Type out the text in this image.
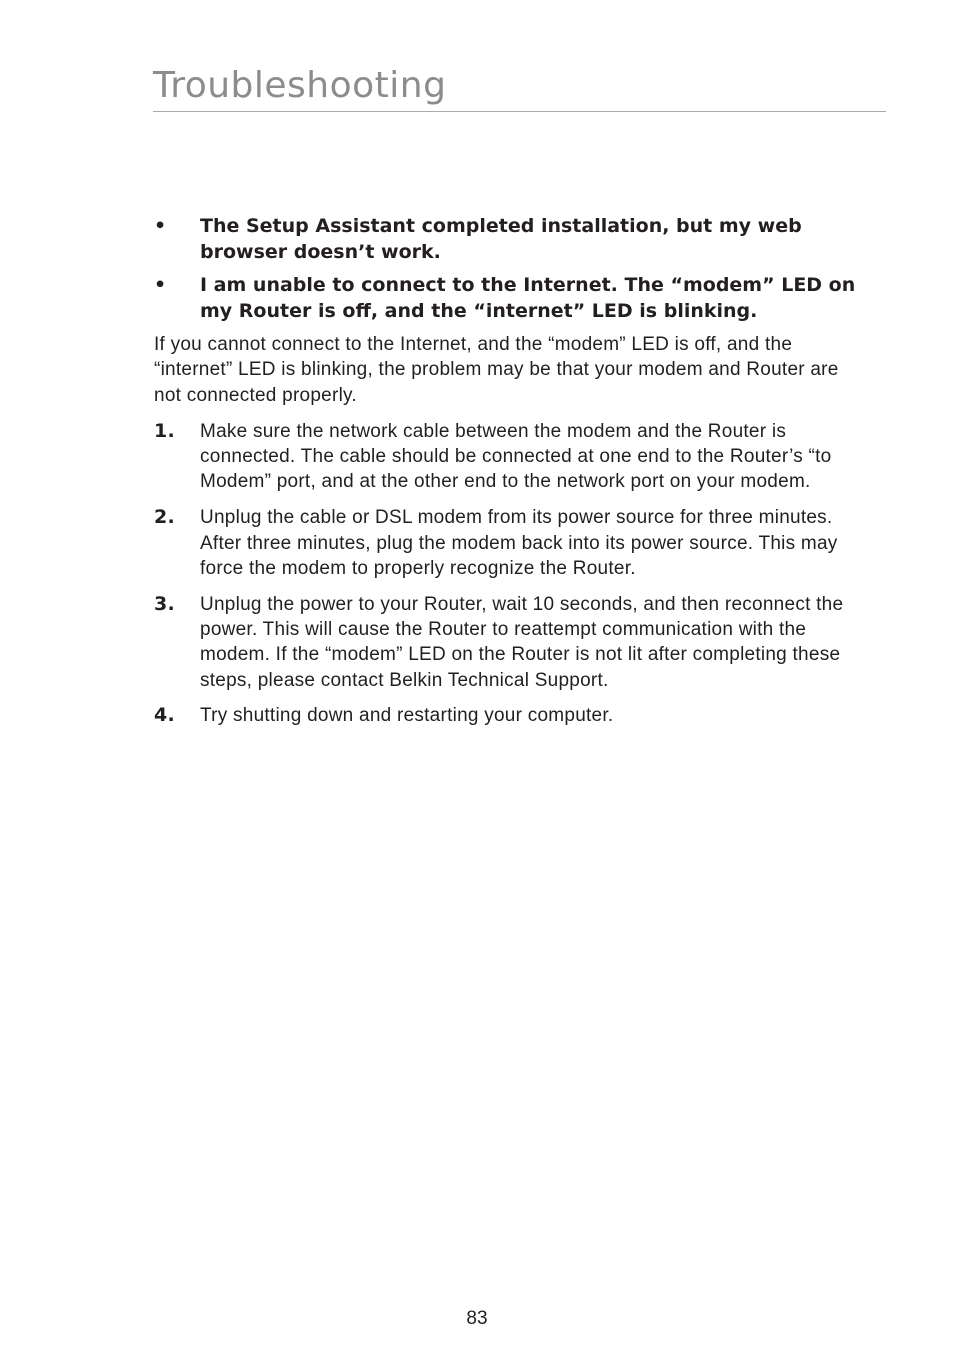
Troubleshooting
• The Setup Assistant completed installation, but my web browser doesn’t work.
• I am unable to connect to the Internet. The “modem” LED on my Router is off, and the “internet” LED is blinking.

If you cannot connect to the Internet, and the “modem” LED is off, and the “internet” LED is blinking, the problem may be that your modem and Router are not connected properly.

1. Make sure the network cable between the modem and the Router is connected. The cable should be connected at one end to the Router’s “to Modem” port, and at the other end to the network port on your modem.
2. Unplug the cable or DSL modem from its power source for three minutes. After three minutes, plug the modem back into its power source. This may force the modem to properly recognize the Router.
3. Unplug the power to your Router, wait 10 seconds, and then reconnect the power. This will cause the Router to reattempt communication with the modem. If the “modem” LED on the Router is not lit after completing these steps, please contact Belkin Technical Support.
4. Try shutting down and restarting your computer.
83
